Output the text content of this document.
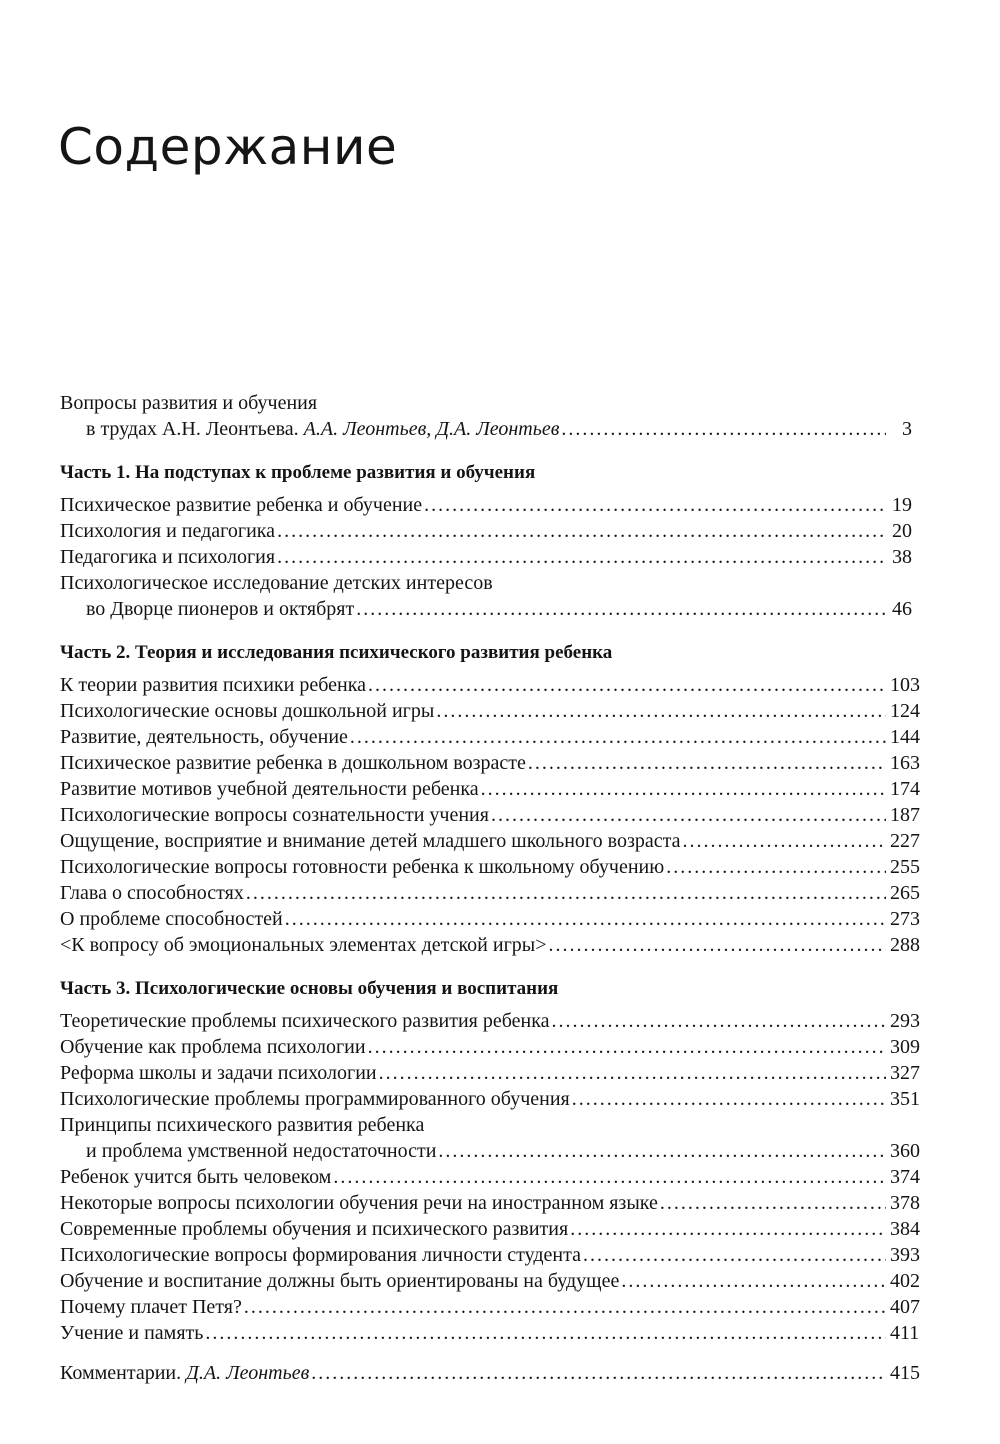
Содержание
Вопросы развития и обучения
в трудах А.Н. Леонтьева. А.А. Леонтьев, Д.А. Леонтьев .....	3
Часть 1. На подступах к проблеме развития и обучения
Психическое развитие ребенка и обучение .....	19
Психология и педагогика .....	20
Педагогика и психология .....	38
Психологическое исследование детских интересов
во Дворце пионеров и октябрят .....	46
Часть 2. Теория и исследования психического развития ребенка
К теории развития психики ребенка .....	103
Психологические основы дошкольной игры .....	124
Развитие, деятельность, обучение .....	144
Психическое развитие ребенка в дошкольном возрасте .....	163
Развитие мотивов учебной деятельности ребенка .....	174
Психологические вопросы сознательности учения .....	187
Ощущение, восприятие и внимание детей младшего школьного возраста .....	227
Психологические вопросы готовности ребенка к школьному обучению .....	255
Глава о способностях .....	265
О проблеме способностей .....	273
<К вопросу об эмоциональных элементах детской игры> .....	288
Часть 3. Психологические основы обучения и воспитания
Теоретические проблемы психического развития ребенка .....	293
Обучение как проблема психологии .....	309
Реформа школы и задачи психологии .....	327
Психологические проблемы программированного обучения .....	351
Принципы психического развития ребенка
и проблема умственной недостаточности .....	360
Ребенок учится быть человеком .....	374
Некоторые вопросы психологии обучения речи на иностранном языке .....	378
Современные проблемы обучения и психического развития .....	384
Психологические вопросы формирования личности студента .....	393
Обучение и воспитание должны быть ориентированы на будущее .....	402
Почему плачет Петя? .....	407
Учение и память .....	411
Комментарии. Д.А. Леонтьев .....	415
